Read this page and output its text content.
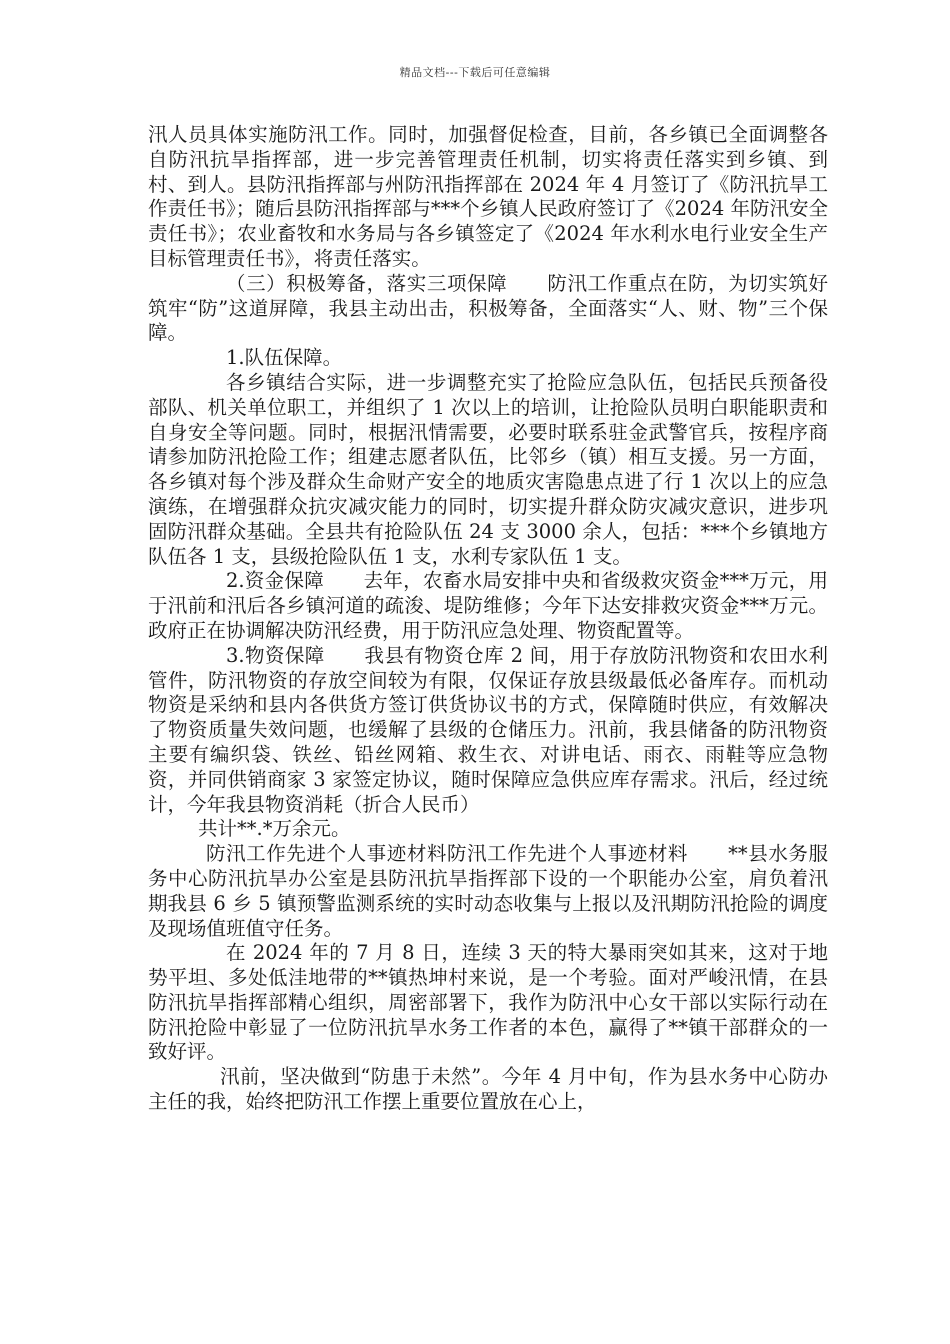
精品文档---下载后可任意编辑

汛人员具体实施防汛工作。同时，加强督促检查，目前，各乡镇已全面调整各自防汛抗旱指挥部，进一步完善管理责任机制，切实将责任落实到乡镇、到村、到人。县防汛指挥部与州防汛指挥部在 2024 年 4 月签订了《防汛抗旱工作责任书》；随后县防汛指挥部与***个乡镇人民政府签订了《2024 年防汛安全责任书》；农业畜牧和水务局与各乡镇签定了《2024 年水利水电行业安全生产目标管理责任书》，将责任落实。

（三）积极筹备，落实三项保障　　防汛工作重点在防，为切实筑好筑牢“防”这道屏障，我县主动出击，积极筹备，全面落实“人、财、物”三个保障。

1.队伍保障。

各乡镇结合实际，进一步调整充实了抢险应急队伍，包括民兵预备役部队、机关单位职工，并组织了 1 次以上的培训，让抢险队员明白职能职责和自身安全等问题。同时，根据汛情需要，必要时联系驻金武警官兵，按程序商请参加防汛抢险工作；组建志愿者队伍，比邻乡（镇）相互支援。另一方面，各乡镇对每个涉及群众生命财产安全的地质灾害隐患点进了行 1 次以上的应急演练，在增强群众抗灾减灾能力的同时，切实提升群众防灾减灾意识，进步巩固防汛群众基础。全县共有抢险队伍 24 支 3000 余人，包括：***个乡镇地方队伍各 1 支，县级抢险队伍 1 支，水利专家队伍 1 支。

2.资金保障　　去年，农畜水局安排中央和省级救灾资金***万元，用于汛前和汛后各乡镇河道的疏浚、堤防维修；今年下达安排救灾资金***万元。政府正在协调解决防汛经费，用于防汛应急处理、物资配置等。

3.物资保障　　我县有物资仓库 2 间，用于存放防汛物资和农田水利管件，防汛物资的存放空间较为有限，仅保证存放县级最低必备库存。而机动物资是采纳和县内各供货方签订供货协议书的方式，保障随时供应，有效解决了物资质量失效问题，也缓解了县级的仓储压力。汛前，我县储备的防汛物资主要有编织袋、铁丝、铅丝网箱、救生衣、对讲电话、雨衣、雨鞋等应急物资，并同供销商家 3 家签定协议，随时保障应急供应库存需求。汛后，经过统计，今年我县物资消耗（折合人民币）

共计**.*万余元。

防汛工作先进个人事迹材料防汛工作先进个人事迹材料　　**县水务服务中心防汛抗旱办公室是县防汛抗旱指挥部下设的一个职能办公室，肩负着汛期我县 6 乡 5 镇预警监测系统的实时动态收集与上报以及汛期防汛抢险的调度及现场值班值守任务。

在 2024 年的 7 月 8 日，连续 3 天的特大暴雨突如其来，这对于地势平坦、多处低洼地带的**镇热坤村来说，是一个考验。面对严峻汛情，在县防汛抗旱指挥部精心组织，周密部署下，我作为防汛中心女干部以实际行动在防汛抢险中彰显了一位防汛抗旱水务工作者的本色，赢得了**镇干部群众的一致好评。

汛前，坚决做到“防患于未然”。今年 4 月中旬，作为县水务中心防办主任的我，始终把防汛工作摆上重要位置放在心上，
